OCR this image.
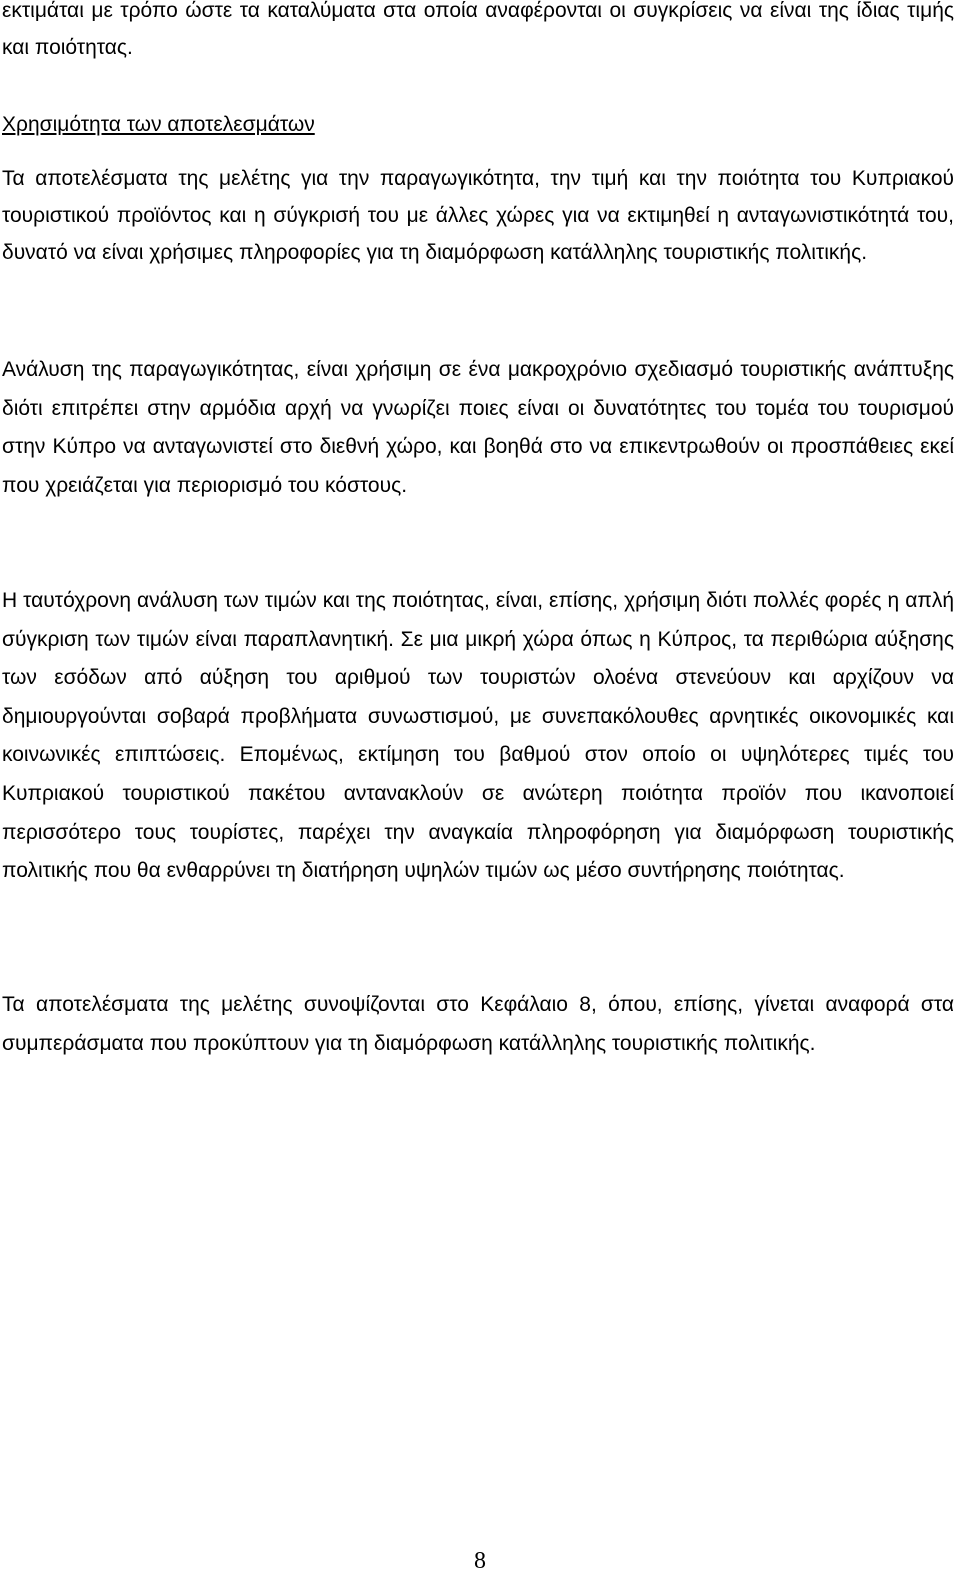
εκτιμάται με τρόπο ώστε τα καταλύματα στα οποία αναφέρονται οι συγκρίσεις να είναι της ίδιας τιμής και ποιότητας.

Χρησιμότητα των αποτελεσμάτων

Τα αποτελέσματα της μελέτης για την παραγωγικότητα, την τιμή και την ποιότητα του Κυπριακού τουριστικού προϊόντος και η σύγκρισή του με άλλες χώρες για να εκτιμηθεί η ανταγωνιστικότητά του, δυνατό να είναι χρήσιμες πληροφορίες για τη διαμόρφωση κατάλληλης τουριστικής πολιτικής.

Ανάλυση της παραγωγικότητας, είναι χρήσιμη σε ένα μακροχρόνιο σχεδιασμό τουριστικής ανάπτυξης διότι επιτρέπει στην αρμόδια αρχή να γνωρίζει ποιες είναι οι δυνατότητες του τομέα του τουρισμού στην Κύπρο να ανταγωνιστεί στο διεθνή χώρο, και βοηθά στο να επικεντρωθούν οι προσπάθειες εκεί που χρειάζεται για περιορισμό του κόστους.

Η ταυτόχρονη ανάλυση των τιμών και της ποιότητας, είναι, επίσης, χρήσιμη διότι πολλές φορές η απλή σύγκριση των τιμών είναι παραπλανητική. Σε μια μικρή χώρα όπως η Κύπρος, τα περιθώρια αύξησης των εσόδων από αύξηση του αριθμού των τουριστών ολοένα στενεύουν και αρχίζουν να δημιουργούνται σοβαρά προβλήματα συνωστισμού, με συνεπακόλουθες αρνητικές οικονομικές και κοινωνικές επιπτώσεις. Επομένως, εκτίμηση του βαθμού στον οποίο οι υψηλότερες τιμές του Κυπριακού τουριστικού πακέτου αντανακλούν σε ανώτερη ποιότητα προϊόν που ικανοποιεί περισσότερο τους τουρίστες, παρέχει την αναγκαία πληροφόρηση για διαμόρφωση τουριστικής πολιτικής που θα ενθαρρύνει τη διατήρηση υψηλών τιμών ως μέσο συντήρησης ποιότητας.

Τα αποτελέσματα της μελέτης συνοψίζονται στο Κεφάλαιο 8, όπου, επίσης, γίνεται αναφορά στα συμπεράσματα που προκύπτουν για τη διαμόρφωση κατάλληλης τουριστικής πολιτικής.

8
